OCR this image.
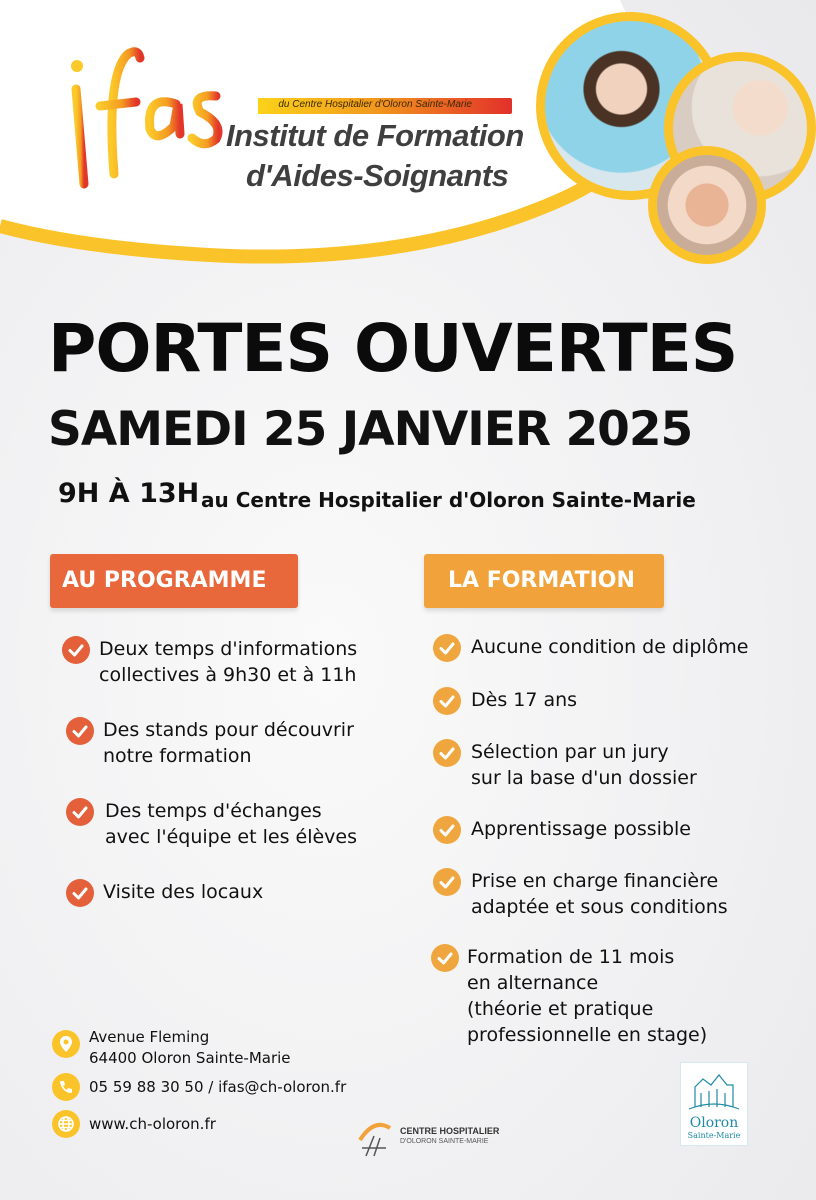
du Centre Hospitalier d'Oloron Sainte-Marie
Institut de Formation
d'Aides-Soignants
PORTES OUVERTES
SAMEDI 25 JANVIER 2025
9H À 13H au Centre Hospitalier d'Oloron Sainte-Marie
AU PROGRAMME	LA FORMATION
Deux temps d'informations
collectives à 9h30 et à 11h
Des stands pour découvrir
notre formation
Des temps d'échanges
avec l'équipe et les élèves
Visite des locaux
Aucune condition de diplôme
Dès 17 ans
Sélection par un jury
sur la base d'un dossier
Apprentissage possible
Prise en charge financière
adaptée et sous conditions
Formation de 11 mois
en alternance
(théorie et pratique
professionnelle en stage)
Avenue Fleming
64400 Oloron Sainte-Marie
05 59 88 30 50 / ifas@ch-oloron.fr
www.ch-oloron.fr	CENTRE HOSPITALIER
D'OLORON SAINTE-MARIE
Oloron
Sainte-Marie
